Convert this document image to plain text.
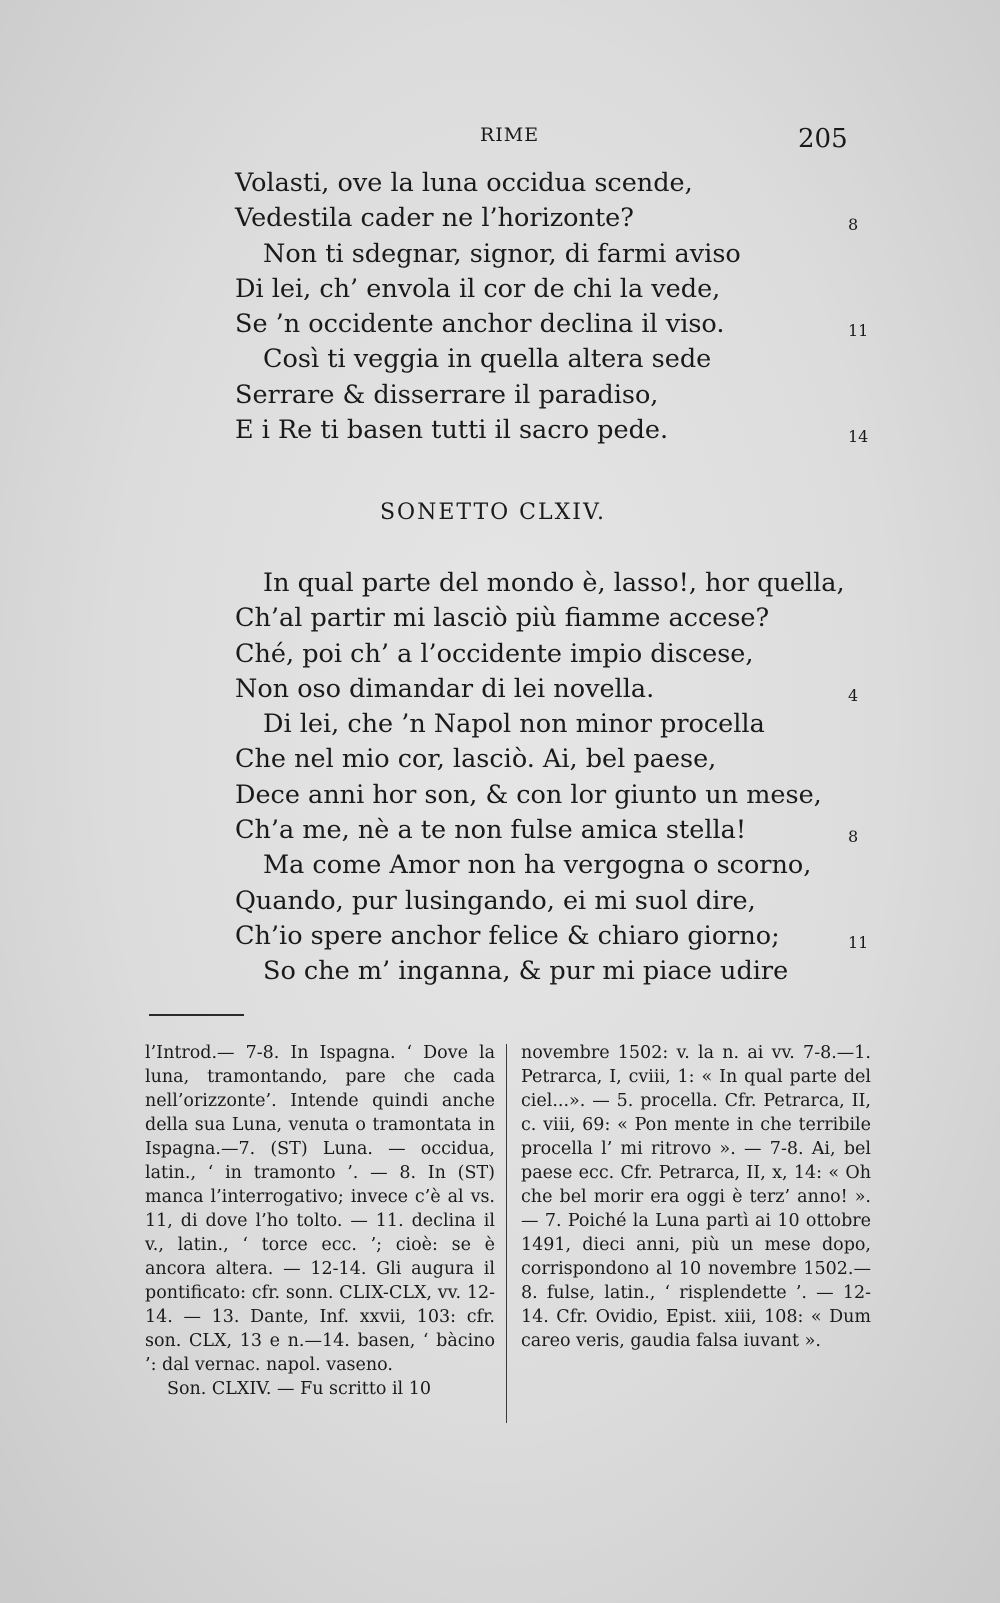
RIME	205
Volasti, ove la luna occidua scende,
Vedestila cader ne l’horizonte?	8
Non ti sdegnar, signor, di farmi aviso
Di lei, ch’ envola il cor de chi la vede,
Se ’n occidente anchor declina il viso.	11
Così ti veggia in quella altera sede
Serrare & disserrare il paradiso,
E i Re ti basen tutti il sacro pede.	14
SONETTO CLXIV.
In qual parte del mondo è, lasso!, hor quella,
Ch’al partir mi lasciò più fiamme accese?
Ché, poi ch’ a l’occidente impio discese,
Non oso dimandar di lei novella.	4
Di lei, che ’n Napol non minor procella
Che nel mio cor, lasciò. Ai, bel paese,
Dece anni hor son, & con lor giunto un mese,
Ch’a me, nè a te non fulse amica stella!	8
Ma come Amor non ha vergogna o scorno,
Quando, pur lusingando, ei mi suol dire,
Ch’io spere anchor felice & chiaro giorno;	11
So che m’ inganna, & pur mi piace udire

l’Introd.— 7-8. In Ispagna. ‘ Dove la luna, tramontando, pare che cada nell’orizzonte’. Intende quindi anche della sua Luna, venuta o tramontata in Ispagna.—7. (ST) Luna. — occidua, latin., ‘ in tramonto ’. — 8. In (ST) manca l’interrogativo; invece c’è al vs. 11, di dove l’ho tolto. — 11. declina il v., latin., ‘ torce ecc. ’; cioè: se è ancora altera. — 12-14. Gli augura il pontificato: cfr. sonn. CLIX-CLX, vv. 12-14. — 13. Dante, Inf. xxvii, 103: cfr. son. CLX, 13 e n.—14. basen, ‘ bàcino ’: dal vernac. napol. vaseno.

Son. CLXIV. — Fu scritto il 10

novembre 1502: v. la n. ai vv. 7-8.—1. Petrarca, I, cviii, 1: « In qual parte del ciel...». — 5. procella. Cfr. Petrarca, II, c. viii, 69: « Pon mente in che terribile procella l’ mi ritrovo ». — 7-8. Ai, bel paese ecc. Cfr. Petrarca, II, x, 14: « Oh che bel morir era oggi è terz’ anno! ». — 7. Poiché la Luna partì ai 10 ottobre 1491, dieci anni, più un mese dopo, corrispondono al 10 novembre 1502.— 8. fulse, latin., ‘ risplendette ’. — 12-14. Cfr. Ovidio, Epist. xiii, 108: « Dum careo veris, gaudia falsa iuvant ».
